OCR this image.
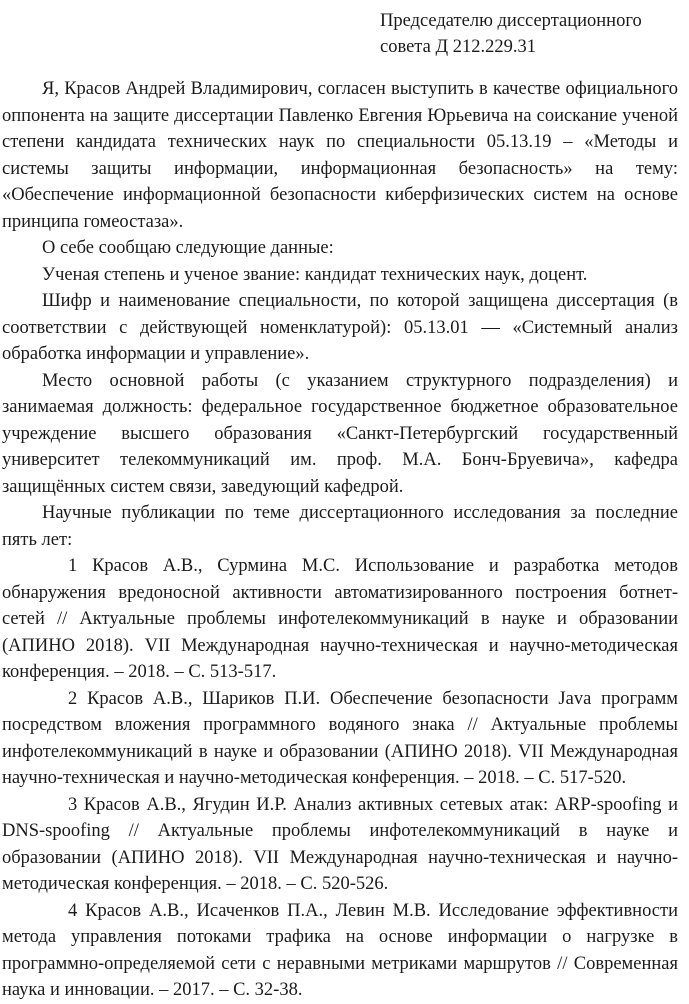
Председателю диссертационного
совета Д 212.229.31

Я, Красов Андрей Владимирович, согласен выступить в качестве официального оппонента на защите диссертации Павленко Евгения Юрьевича на соискание ученой степени кандидата технических наук по специальности 05.13.19 – «Методы и системы защиты информации, информационная безопасность» на тему: «Обеспечение информационной безопасности киберфизических систем на основе принципа гомеостаза».

О себе сообщаю следующие данные:

Ученая степень и ученое звание: кандидат технических наук, доцент.

Шифр и наименование специальности, по которой защищена диссертация (в соответствии с действующей номенклатурой): 05.13.01 — «Системный анализ обработка информации и управление».

Место основной работы (с указанием структурного подразделения) и занимаемая должность: федеральное государственное бюджетное образовательное учреждение высшего образования «Санкт-Петербургский государственный университет телекоммуникаций им. проф. М.А. Бонч-Бруевича», кафедра защищённых систем связи, заведующий кафедрой.

Научные публикации по теме диссертационного исследования за последние пять лет:

1 Красов А.В., Сурмина М.С. Использование и разработка методов обнаружения вредоносной активности автоматизированного построения ботнет-сетей // Актуальные проблемы инфотелекоммуникаций в науке и образовании (АПИНО 2018). VII Международная научно-техническая и научно-методическая конференция. – 2018. – С. 513-517.

2 Красов А.В., Шариков П.И. Обеспечение безопасности Java программ посредством вложения программного водяного знака // Актуальные проблемы инфотелекоммуникаций в науке и образовании (АПИНО 2018). VII Международная научно-техническая и научно-методическая конференция. – 2018. – С. 517-520.

3 Красов А.В., Ягудин И.Р. Анализ активных сетевых атак: ARP-spoofing и DNS-spoofing // Актуальные проблемы инфотелекоммуникаций в науке и образовании (АПИНО 2018). VII Международная научно-техническая и научно-методическая конференция. – 2018. – С. 520-526.

4 Красов А.В., Исаченков П.А., Левин М.В. Исследование эффективности метода управления потоками трафика на основе информации о нагрузке в программно-определяемой сети с неравными метриками маршрутов // Современная наука и инновации. – 2017. – С. 32-38.
